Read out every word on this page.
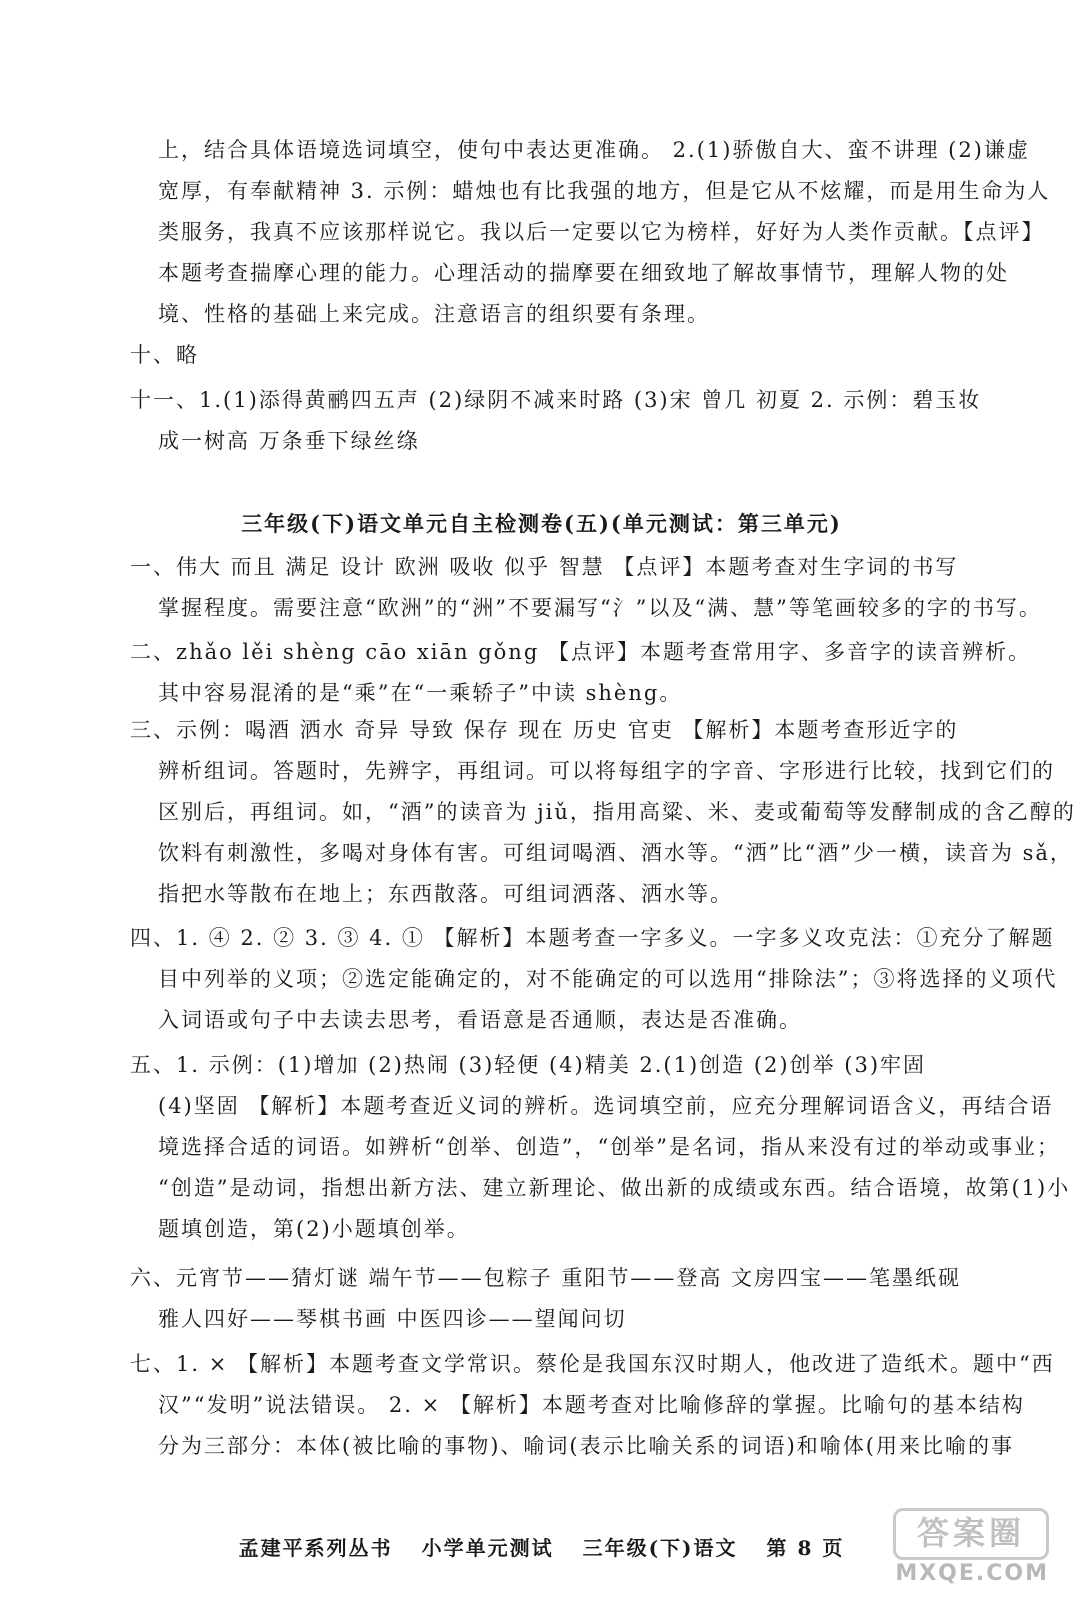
上，结合具体语境选词填空，使句中表达更准确。 2.(1)骄傲自大、蛮不讲理 (2)谦虚
宽厚，有奉献精神 3. 示例：蜡烛也有比我强的地方，但是它从不炫耀，而是用生命为人
类服务，我真不应该那样说它。我以后一定要以它为榜样，好好为人类作贡献。【点评】
本题考查揣摩心理的能力。心理活动的揣摩要在细致地了解故事情节，理解人物的处
境、性格的基础上来完成。注意语言的组织要有条理。
十、略
十一、1.(1)添得黄鹂四五声 (2)绿阴不减来时路 (3)宋 曾几 初夏 2. 示例：碧玉妆
成一树高 万条垂下绿丝绦
三年级(下)语文单元自主检测卷(五)(单元测试：第三单元)
一、伟大 而且 满足 设计 欧洲 吸收 似乎 智慧 【点评】本题考查对生字词的书写
掌握程度。需要注意“欧洲”的“洲”不要漏写“氵”以及“满、慧”等笔画较多的字的书写。
二、zhǎo lěi shèng cāo xiān gǒng 【点评】本题考查常用字、多音字的读音辨析。
其中容易混淆的是“乘”在“一乘轿子”中读 shèng。
三、示例：喝酒 洒水 奇异 导致 保存 现在 历史 官吏 【解析】本题考查形近字的
辨析组词。答题时，先辨字，再组词。可以将每组字的字音、字形进行比较，找到它们的
区别后，再组词。如，“酒”的读音为 jiǔ，指用高粱、米、麦或葡萄等发酵制成的含乙醇的
饮料有刺激性，多喝对身体有害。可组词喝酒、酒水等。“洒”比“酒”少一横，读音为 sǎ，
指把水等散布在地上；东西散落。可组词洒落、洒水等。
四、1. ④ 2. ② 3. ③ 4. ① 【解析】本题考查一字多义。一字多义攻克法：①充分了解题
目中列举的义项；②选定能确定的，对不能确定的可以选用“排除法”；③将选择的义项代
入词语或句子中去读去思考，看语意是否通顺，表达是否准确。
五、1. 示例：(1)增加 (2)热闹 (3)轻便 (4)精美 2.(1)创造 (2)创举 (3)牢固
(4)坚固 【解析】本题考查近义词的辨析。选词填空前，应充分理解词语含义，再结合语
境选择合适的词语。如辨析“创举、创造”，“创举”是名词，指从来没有过的举动或事业；
“创造”是动词，指想出新方法、建立新理论、做出新的成绩或东西。结合语境，故第(1)小
题填创造，第(2)小题填创举。
六、元宵节——猜灯谜 端午节——包粽子 重阳节——登高 文房四宝——笔墨纸砚
雅人四好——琴棋书画 中医四诊——望闻问切
七、1. × 【解析】本题考查文学常识。蔡伦是我国东汉时期人，他改进了造纸术。题中“西
汉”“发明”说法错误。 2. × 【解析】本题考查对比喻修辞的掌握。比喻句的基本结构
分为三部分：本体(被比喻的事物)、喻词(表示比喻关系的词语)和喻体(用来比喻的事
孟建平系列丛书 小学单元测试 三年级(下)语文 第 8 页	答案圈
MXQE.COM
